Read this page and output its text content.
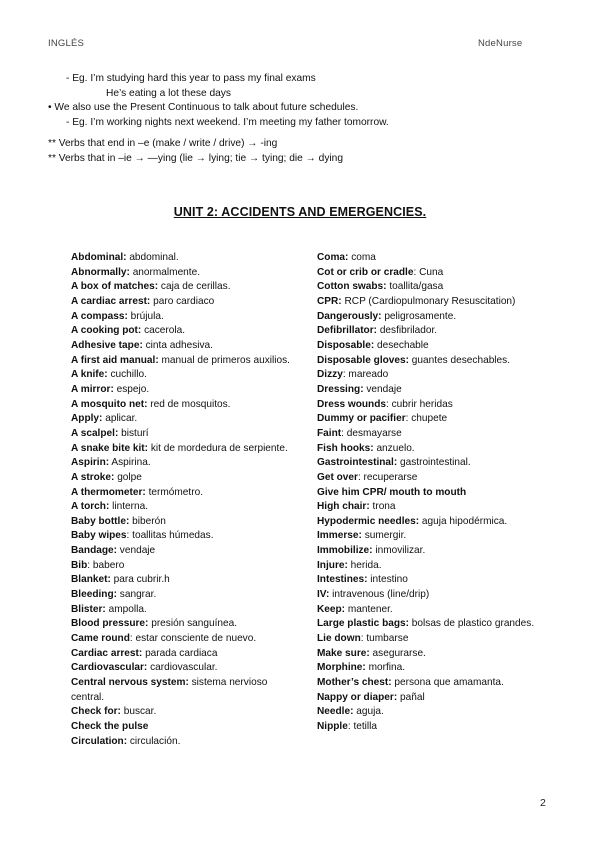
INGLÉS	NdeNurse
- Eg. I’m studying hard this year to pass my final exams
He’s eating a lot these days
• We also use the Present Continuous to talk about future schedules.
- Eg. I’m working nights next weekend. I’m meeting my father tomorrow.
** Verbs that end in –e (make / write / drive) → -ing
** Verbs that in –ie → —ying (lie → lying; tie → tying; die → dying
UNIT 2: ACCIDENTS AND EMERGENCIES.
Abdominal: abdominal.
Abnormally: anormalmente.
A box of matches: caja de cerillas.
A cardiac arrest: paro cardiaco
A compass: brújula.
A cooking pot: cacerola.
Adhesive tape: cinta adhesiva.
A first aid manual: manual de primeros auxilios.
A knife: cuchillo.
A mirror: espejo.
A mosquito net: red de mosquitos.
Apply: aplicar.
A scalpel: bisturí
A snake bite kit: kit de mordedura de serpiente.
Aspirin: Aspirina.
A stroke: golpe
A thermometer: termómetro.
A torch: linterna.
Baby bottle: biberón
Baby wipes: toallitas húmedas.
Bandage: vendaje
Bib: babero
Blanket: para cubrir.h
Bleeding: sangrar.
Blister: ampolla.
Blood pressure: presión sanguínea.
Came round: estar consciente de nuevo.
Cardiac arrest: parada cardiaca
Cardiovascular: cardiovascular.
Central nervous system: sistema nervioso central.
Check for: buscar.
Check the pulse
Circulation: circulación.
Coma: coma
Cot or crib or cradle: Cuna
Cotton swabs: toallita/gasa
CPR: RCP (Cardiopulmonary Resuscitation)
Dangerously: peligrosamente.
Defibrillator: desfibrilador.
Disposable: desechable
Disposable gloves: guantes desechables.
Dizzy: mareado
Dressing: vendaje
Dress wounds: cubrir heridas
Dummy or pacifier: chupete
Faint: desmayarse
Fish hooks: anzuelo.
Gastrointestinal: gastrointestinal.
Get over: recuperarse
Give him CPR/ mouth to mouth
High chair: trona
Hypodermic needles: aguja hipodérmica.
Immerse: sumergir.
Immobilize: inmovilizar.
Injure: herida.
Intestines: intestino
IV: intravenous (line/drip)
Keep: mantener.
Large plastic bags: bolsas de plastico grandes.
Lie down: tumbarse
Make sure: asegurarse.
Morphine: morfina.
Mother’s chest: persona que amamanta.
Nappy or diaper: pañal
Needle: aguja.
Nipple: tetilla
2
